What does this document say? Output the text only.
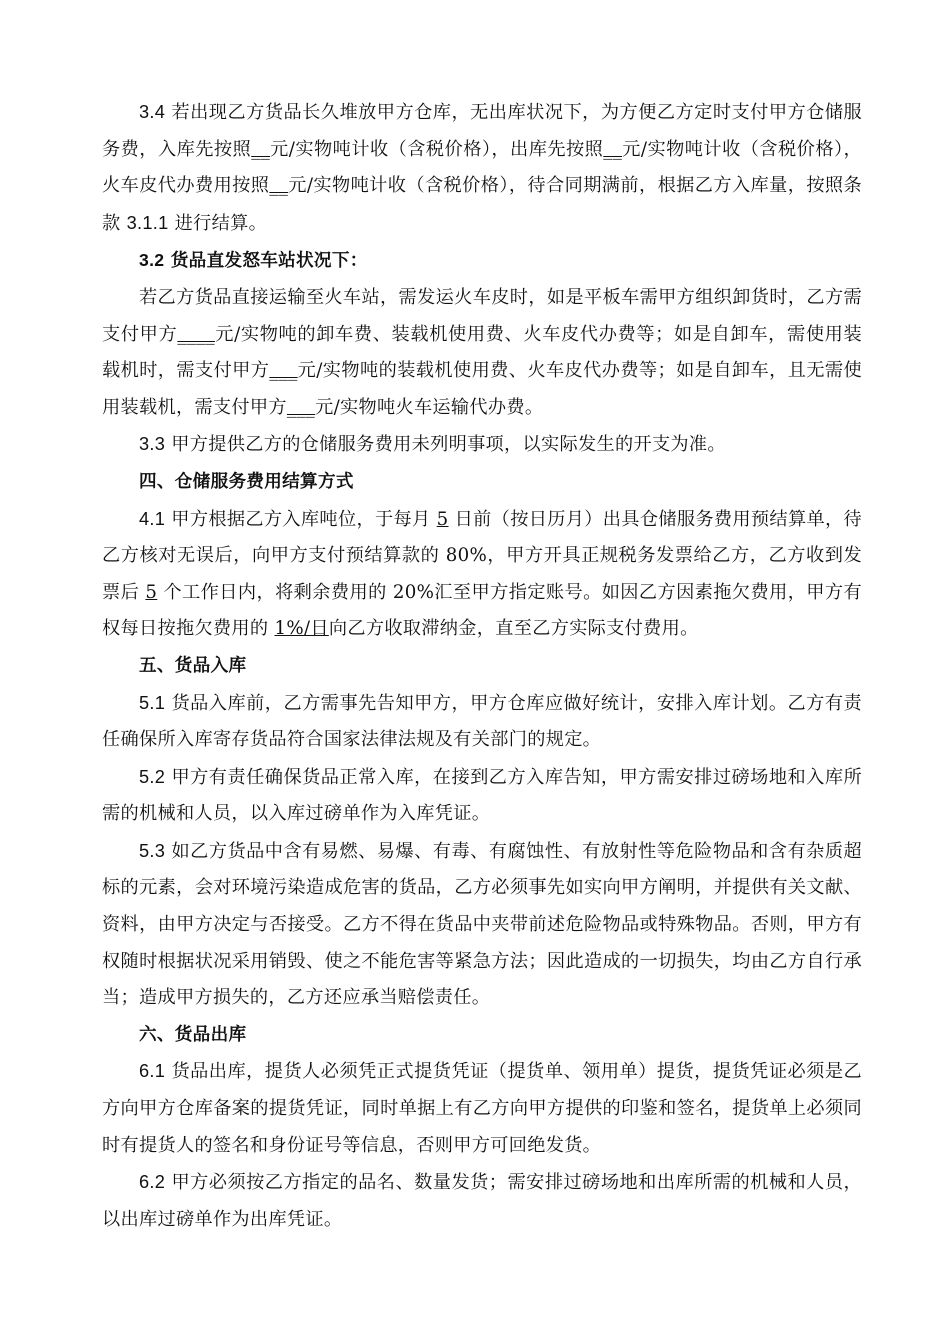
3.4 若出现乙方货品长久堆放甲方仓库，无出库状况下，为方便乙方定时支付甲方仓储服务费，入库先按照__元/实物吨计收（含税价格），出库先按照__元/实物吨计收（含税价格），火车皮代办费用按照__元/实物吨计收（含税价格），待合同期满前，根据乙方入库量，按照条款 3.1.1 进行结算。

3.2 货品直发怒车站状况下：

若乙方货品直接运输至火车站，需发运火车皮时，如是平板车需甲方组织卸货时，乙方需支付甲方____元/实物吨的卸车费、装载机使用费、火车皮代办费等；如是自卸车，需使用装载机时，需支付甲方___元/实物吨的装载机使用费、火车皮代办费等；如是自卸车，且无需使用装载机，需支付甲方___元/实物吨火车运输代办费。

3.3 甲方提供乙方的仓储服务费用未列明事项，以实际发生的开支为准。

四、仓储服务费用结算方式

4.1 甲方根据乙方入库吨位，于每月 5 日前（按日历月）出具仓储服务费用预结算单，待乙方核对无误后，向甲方支付预结算款的 80%，甲方开具正规税务发票给乙方，乙方收到发票后 5 个工作日内，将剩余费用的 20%汇至甲方指定账号。如因乙方因素拖欠费用，甲方有权每日按拖欠费用的 1%/日向乙方收取滞纳金，直至乙方实际支付费用。

五、货品入库

5.1 货品入库前，乙方需事先告知甲方，甲方仓库应做好统计，安排入库计划。乙方有责任确保所入库寄存货品符合国家法律法规及有关部门的规定。

5.2 甲方有责任确保货品正常入库，在接到乙方入库告知，甲方需安排过磅场地和入库所需的机械和人员，以入库过磅单作为入库凭证。

5.3 如乙方货品中含有易燃、易爆、有毒、有腐蚀性、有放射性等危险物品和含有杂质超标的元素，会对环境污染造成危害的货品，乙方必须事先如实向甲方阐明，并提供有关文献、资料，由甲方决定与否接受。乙方不得在货品中夹带前述危险物品或特殊物品。否则，甲方有权随时根据状况采用销毁、使之不能危害等紧急方法；因此造成的一切损失，均由乙方自行承当；造成甲方损失的，乙方还应承当赔偿责任。

六、货品出库

6.1 货品出库，提货人必须凭正式提货凭证（提货单、领用单）提货，提货凭证必须是乙方向甲方仓库备案的提货凭证，同时单据上有乙方向甲方提供的印鉴和签名，提货单上必须同时有提货人的签名和身份证号等信息，否则甲方可回绝发货。

6.2 甲方必须按乙方指定的品名、数量发货；需安排过磅场地和出库所需的机械和人员，以出库过磅单作为出库凭证。
